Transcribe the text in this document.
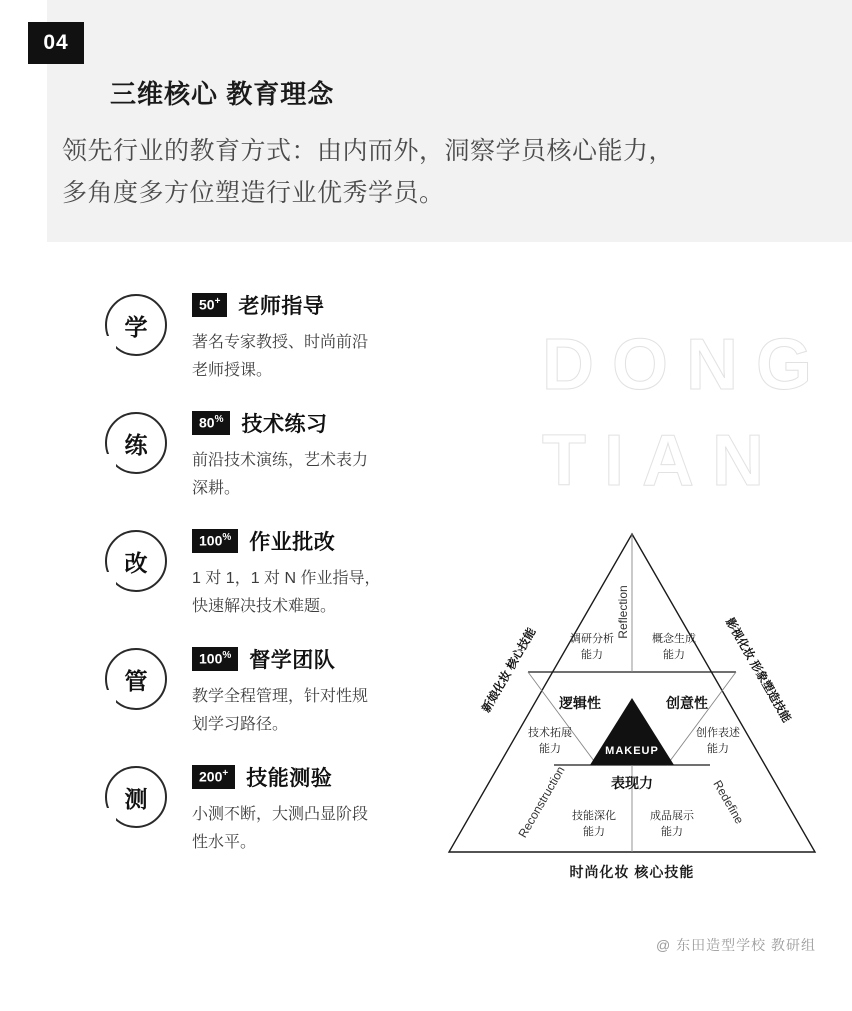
04
三维核心 教育理念
领先行业的教育方式：由内而外，洞察学员核心能力，
多角度多方位塑造行业优秀学员。
DONG
TIAN
学
50+ 老师指导
著名专家教授、时尚前沿
老师授课。
练
80% 技术练习
前沿技术演练，艺术表力
深耕。
改
100% 作业批改
1 对 1，1 对 N 作业指导，
快速解决技术难题。
管
100% 督学团队
教学全程管理，针对性规
划学习路径。
测
200+ 技能测验
小测不断，大测凸显阶段
性水平。
MAKEUP
逻辑性	创意性
表现力
调研分析
能力
概念生成
能力
技术拓展
能力
创作表述
能力
技能深化
能力
成品展示
能力
Reflection
Reconstruction	Redefine
新娘化妆 核心技能	影视化妆 形象塑造技能
时尚化妆 核心技能
@ 东田造型学校 教研组
